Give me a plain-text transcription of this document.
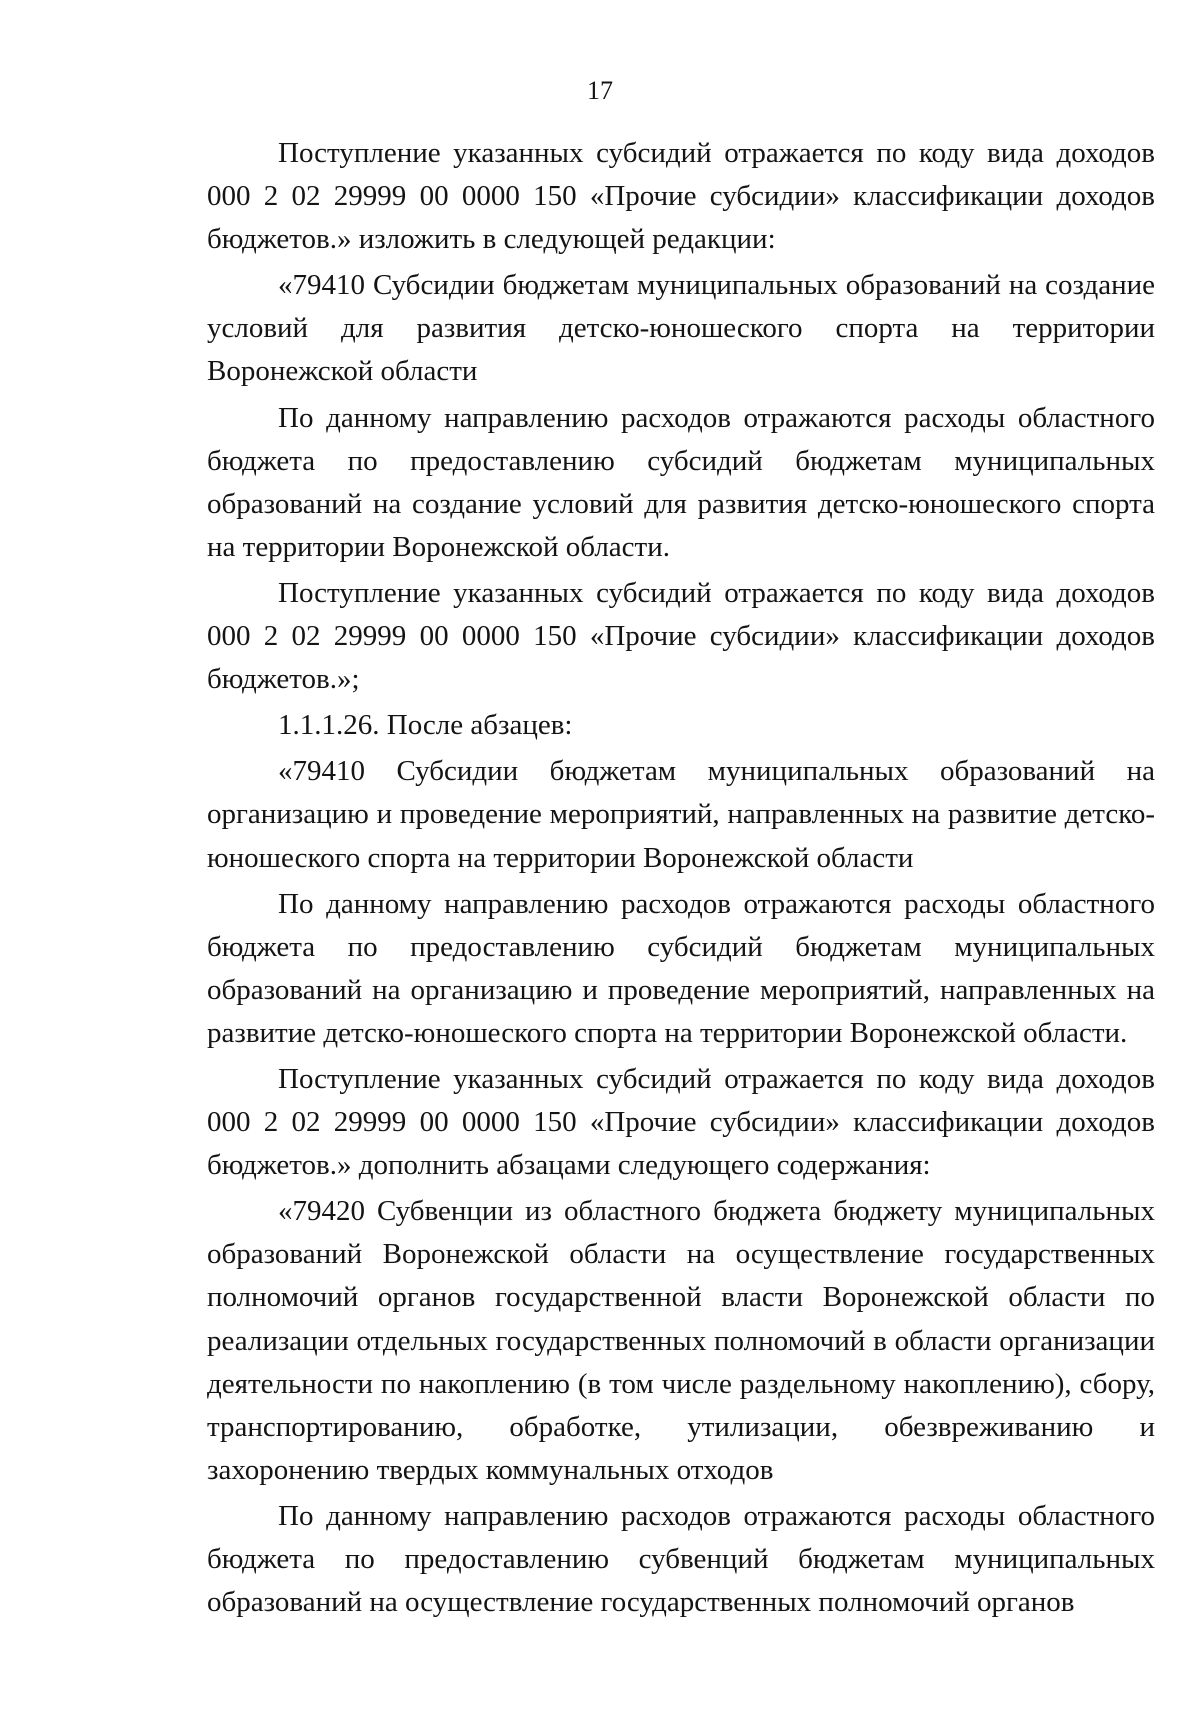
17

Поступление указанных субсидий отражается по коду вида доходов 000 2 02 29999 00 0000 150 «Прочие субсидии» классификации доходов бюджетов.» изложить в следующей редакции:

«79410 Субсидии бюджетам муниципальных образований на создание условий для развития детско-юношеского спорта на территории Воронежской области

По данному направлению расходов отражаются расходы областного бюджета по предоставлению субсидий бюджетам муниципальных образований на создание условий для развития детско-юношеского спорта на территории Воронежской области.

Поступление указанных субсидий отражается по коду вида доходов 000 2 02 29999 00 0000 150 «Прочие субсидии» классификации доходов бюджетов.»;

1.1.1.26. После абзацев:

«79410 Субсидии бюджетам муниципальных образований на организацию и проведение мероприятий, направленных на развитие детско-юношеского спорта на территории Воронежской области

По данному направлению расходов отражаются расходы областного бюджета по предоставлению субсидий бюджетам муниципальных образований на организацию и проведение мероприятий, направленных на развитие детско-юношеского спорта на территории Воронежской области.

Поступление указанных субсидий отражается по коду вида доходов 000 2 02 29999 00 0000 150 «Прочие субсидии» классификации доходов бюджетов.» дополнить абзацами следующего содержания:

«79420 Субвенции из областного бюджета бюджету муниципальных образований Воронежской области на осуществление государственных полномочий органов государственной власти Воронежской области по реализации отдельных государственных полномочий в области организации деятельности по накоплению (в том числе раздельному накоплению), сбору, транспортированию, обработке, утилизации, обезвреживанию и захоронению твердых коммунальных отходов

По данному направлению расходов отражаются расходы областного бюджета по предоставлению субвенций бюджетам муниципальных образований на осуществление государственных полномочий органов
